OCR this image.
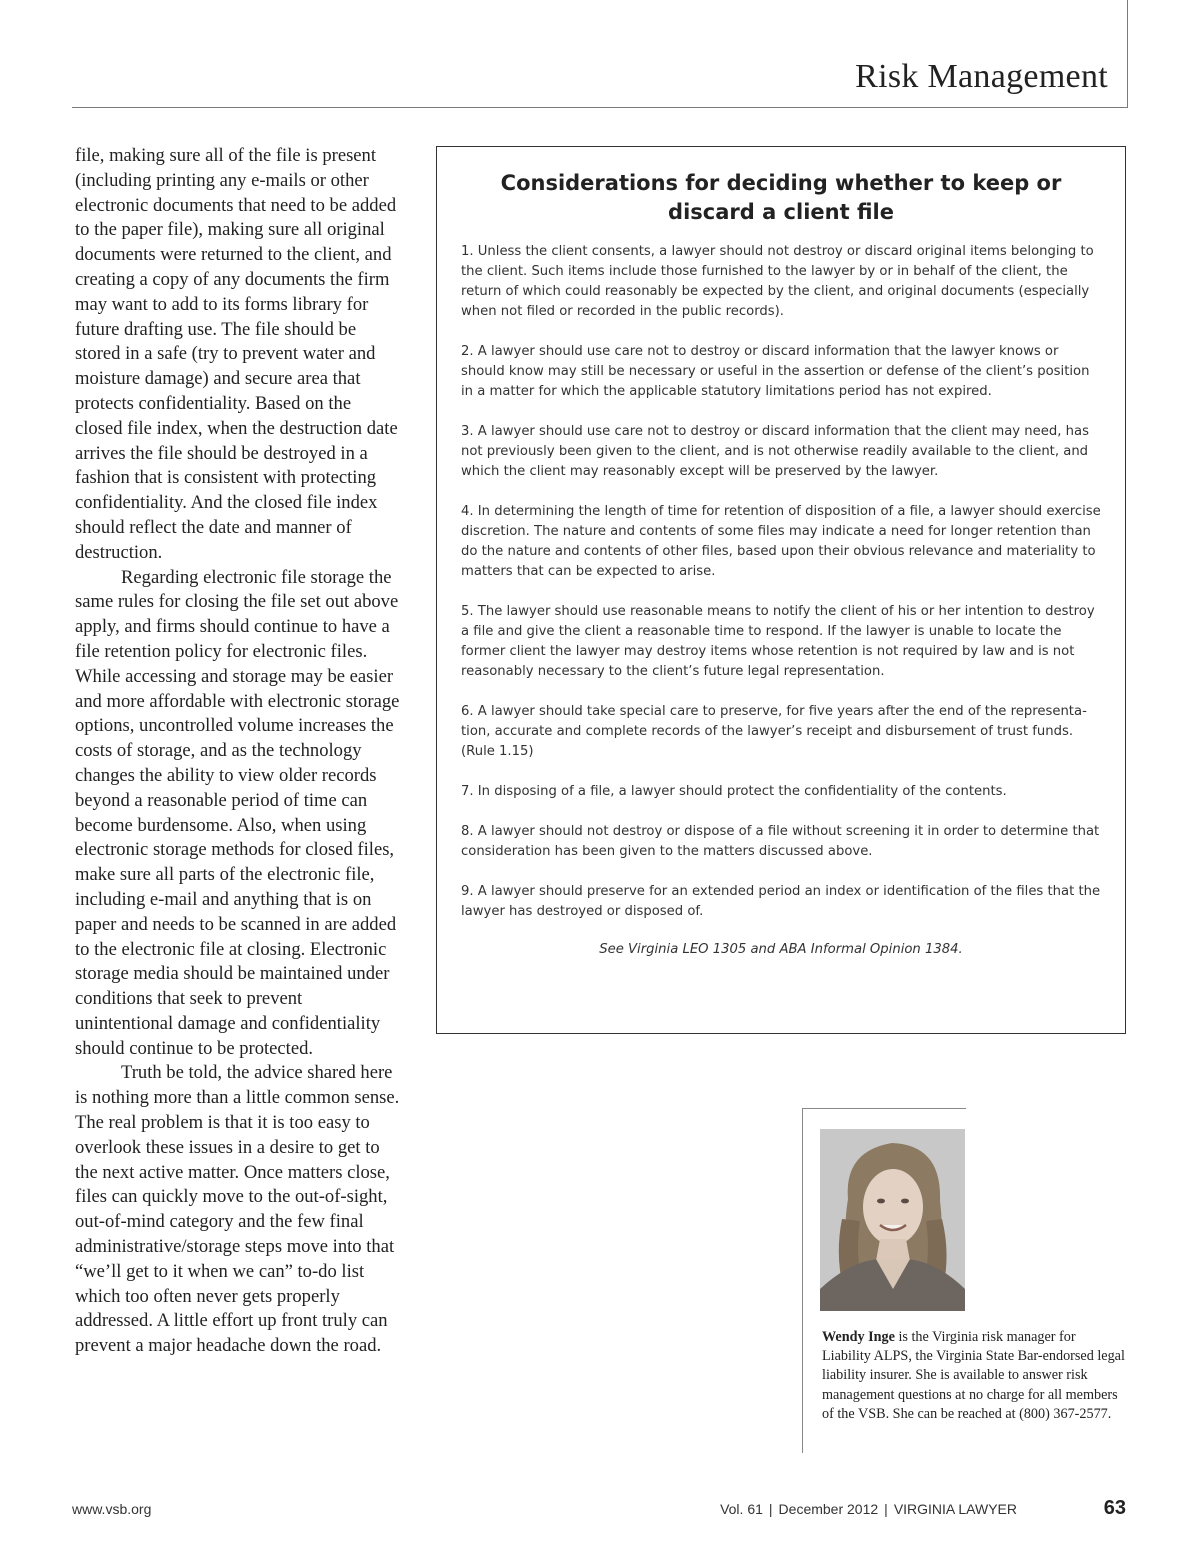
Risk Management

file, making sure all of the file is present (including printing any e-mails or other electronic documents that need to be added to the paper file), making sure all original documents were returned to the client, and creating a copy of any documents the firm may want to add to its forms library for future drafting use. The file should be stored in a safe (try to prevent water and moisture damage) and secure area that protects confidentiality. Based on the closed file index, when the destruction date arrives the file should be destroyed in a fashion that is consistent with protecting confidentiality. And the closed file index should reflect the date and manner of destruction.

Regarding electronic file storage the same rules for closing the file set out above apply, and firms should continue to have a file retention policy for electronic files. While accessing and storage may be easier and more affordable with electronic storage options, uncontrolled volume increases the costs of storage, and as the technology changes the ability to view older records beyond a reasonable period of time can become burdensome. Also, when using electronic storage methods for closed files, make sure all parts of the electronic file, including e-mail and anything that is on paper and needs to be scanned in are added to the electronic file at closing. Electronic storage media should be maintained under conditions that seek to prevent unintentional damage and confidentiality should continue to be protected.

Truth be told, the advice shared here is nothing more than a little common sense. The real problem is that it is too easy to overlook these issues in a desire to get to the next active matter. Once matters close, files can quickly move to the out-of-sight, out-of-mind category and the few final administrative/storage steps move into that “we’ll get to it when we can” to-do list which too often never gets properly addressed. A little effort up front truly can prevent a major headache down the road.

Considerations for deciding whether to keep or discard a client file
1. Unless the client consents, a lawyer should not destroy or discard original items belonging to the client. Such items include those furnished to the lawyer by or in behalf of the client, the return of which could reasonably be expected by the client, and original documents (especially when not filed or recorded in the public records).
2. A lawyer should use care not to destroy or discard information that the lawyer knows or should know may still be necessary or useful in the assertion or defense of the client’s position in a matter for which the applicable statutory limitations period has not expired.
3. A lawyer should use care not to destroy or discard information that the client may need, has not previously been given to the client, and is not otherwise readily available to the client, and which the client may reasonably except will be preserved by the lawyer.
4. In determining the length of time for retention of disposition of a file, a lawyer should exercise discretion. The nature and contents of some files may indicate a need for longer retention than do the nature and contents of other files, based upon their obvious relevance and materiality to matters that can be expected to arise.
5. The lawyer should use reasonable means to notify the client of his or her intention to destroy a file and give the client a reasonable time to respond. If the lawyer is unable to locate the former client the lawyer may destroy items whose retention is not required by law and is not reasonably necessary to the client’s future legal representation.
6. A lawyer should take special care to preserve, for five years after the end of the representation, accurate and complete records of the lawyer’s receipt and disbursement of trust funds.(Rule 1.15)
7. In disposing of a file, a lawyer should protect the confidentiality of the contents.
8. A lawyer should not destroy or dispose of a file without screening it in order to determine that consideration has been given to the matters discussed above.
9. A lawyer should preserve for an extended period an index or identification of the files that the lawyer has destroyed or disposed of.
See Virginia LEO 1305 and ABA Informal Opinion 1384.
Wendy Inge is the Virginia risk manager for Liability ALPS, the Virginia State Bar-endorsed legal liability insurer. She is available to answer risk management questions at no charge for all members of the VSB. She can be reached at (800) 367-2577.
www.vsb.org	Vol. 61 | December 2012 | VIRGINIA LAWYER	63
